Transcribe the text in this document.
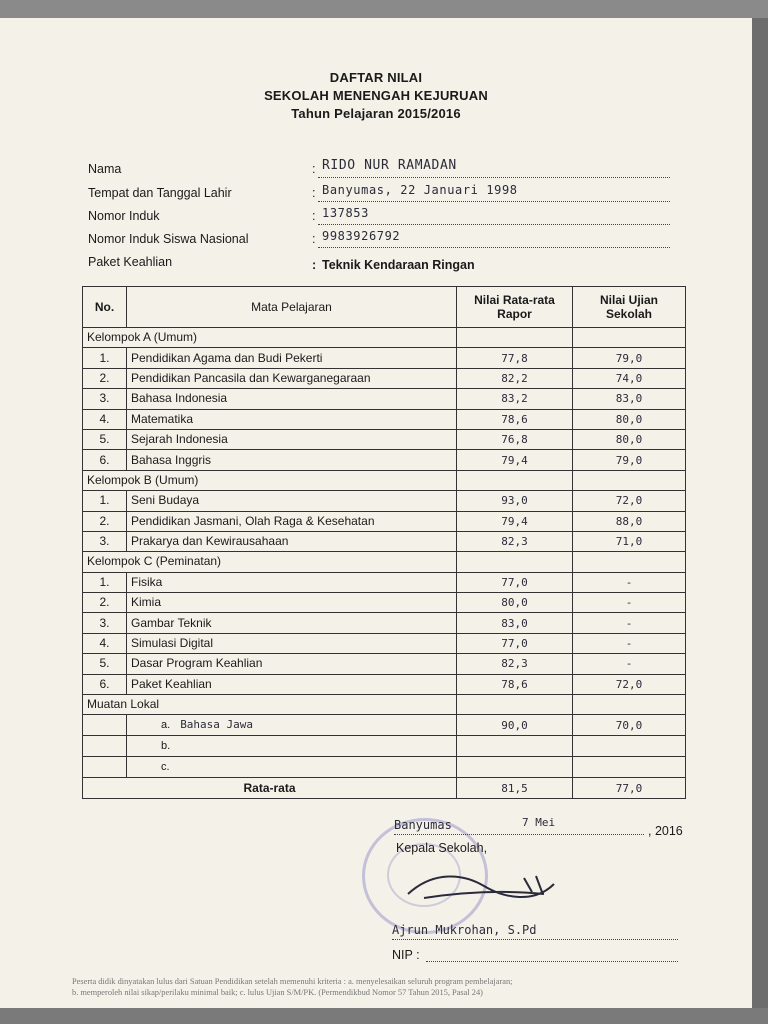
DAFTAR NILAI
SEKOLAH MENENGAH KEJURUAN
Tahun Pelajaran 2015/2016
Nama	: RIDO NUR RAMADAN
Tempat dan Tanggal Lahir	: Banyumas, 22 Januari 1998
Nomor Induk	: 137853
Nomor Induk Siswa Nasional	: 9983926792
Paket Keahlian	: Teknik Kendaraan Ringan
No.	Mata Pelajaran	Nilai Rata-rata Rapor	Nilai Ujian Sekolah
Kelompok A (Umum)			
1.	Pendidikan Agama dan Budi Pekerti	77,8	79,0
2.	Pendidikan Pancasila dan Kewarganegaraan	82,2	74,0
3.	Bahasa Indonesia	83,2	83,0
4.	Matematika	78,6	80,0
5.	Sejarah Indonesia	76,8	80,0
6.	Bahasa Inggris	79,4	79,0
Kelompok B (Umum)			
1.	Seni Budaya	93,0	72,0
2.	Pendidikan Jasmani, Olah Raga & Kesehatan	79,4	88,0
3.	Prakarya dan Kewirausahaan	82,3	71,0
Kelompok C (Peminatan)			
1.	Fisika	77,0	-
2.	Kimia	80,0	-
3.	Gambar Teknik	83,0	-
4.	Simulasi Digital	77,0	-
5.	Dasar Program Keahlian	82,3	-
6.	Paket Keahlian	78,6	72,0
Muatan Lokal			
	a. Bahasa Jawa	90,0	70,0
	b.		
	c.		
Rata-rata		81,5	77,0
Banyumas	7 Mei
, 2016
Kepala Sekolah,
Ajrun Mukrohan, S.Pd
NIP :
Peserta didik dinyatakan lulus dari Satuan Pendidikan setelah memenuhi kriteria : a. menyelesaikan seluruh program pembelajaran;
b. memperoleh nilai sikap/perilaku minimal baik; c. lulus Ujian S/M/PK. (Permendikbud Nomor 57 Tahun 2015, Pasal 24)
